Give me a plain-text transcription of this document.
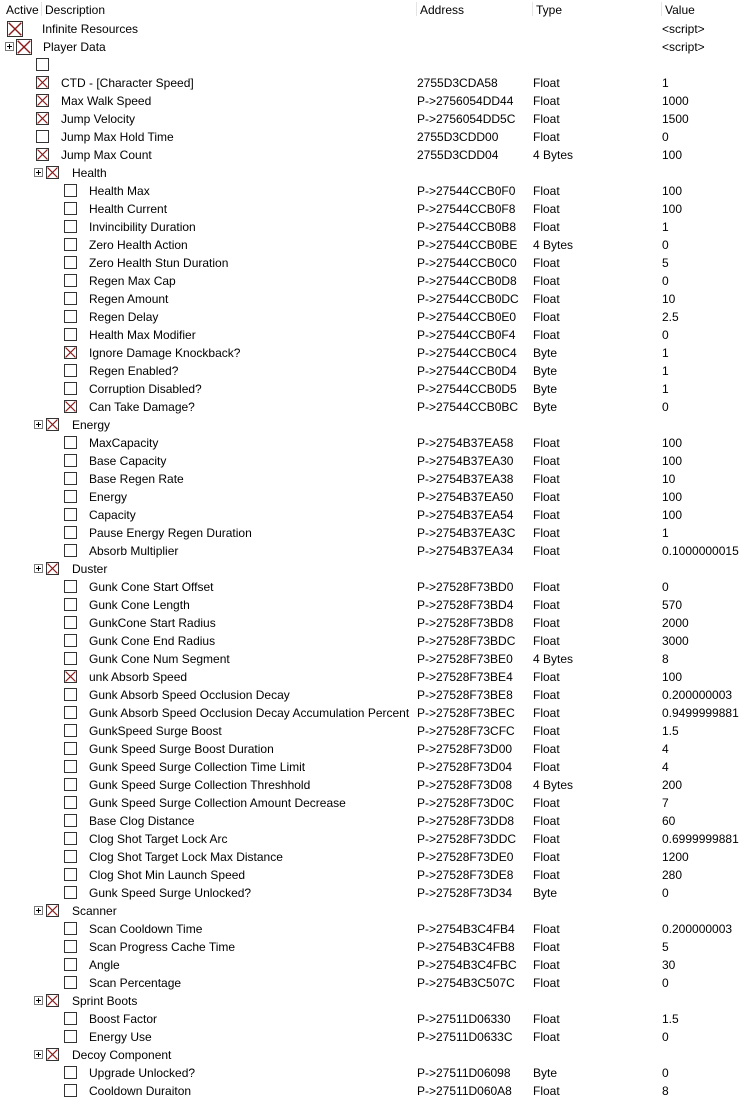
Active Description	Address	Type	Value
Infinite Resources	<script>
Player Data	<script>
CTD - [Character Speed]	2755D3CDA58	Float	1
Max Walk Speed	P->2756054DD44 Float	1000
Jump Velocity	P->2756054DD5C Float	1500
Jump Max Hold Time	2755D3CDD00	Float	0
Jump Max Count	2755D3CDD04	4 Bytes	100
Health
Health Max	P->27544CCB0F0 Float	100
Health Current	P->27544CCB0F8 Float	100
Invincibility Duration	P->27544CCB0B8 Float	1
Zero Health Action	P->27544CCB0BE 4 Bytes	0
Zero Health Stun Duration	P->27544CCB0C0 Float	5
Regen Max Cap	P->27544CCB0D8 Float	0
Regen Amount	P->27544CCB0DC Float	10
Regen Delay	P->27544CCB0E0 Float	2.5
Health Max Modifier	P->27544CCB0F4 Float	0
Ignore Damage Knockback?	P->27544CCB0C4 Byte	1
Regen Enabled?	P->27544CCB0D4 Byte	1
Corruption Disabled?	P->27544CCB0D5 Byte	1
Can Take Damage?	P->27544CCB0BC Byte	0
Energy
MaxCapacity	P->2754B37EA58 Float	100
Base Capacity	P->2754B37EA30 Float	100
Base Regen Rate	P->2754B37EA38 Float	10
Energy	P->2754B37EA50 Float	100
Capacity	P->2754B37EA54 Float	100
Pause Energy Regen Duration	P->2754B37EA3C Float	1
Absorb Multiplier	P->2754B37EA34 Float	0.1000000015
Duster
Gunk Cone Start Offset	P->27528F73BD0 Float	0
Gunk Cone Length	P->27528F73BD4 Float	570
GunkCone Start Radius	P->27528F73BD8 Float	2000
Gunk Cone End Radius	P->27528F73BDC Float	3000
Gunk Cone Num Segment	P->27528F73BE0 4 Bytes	8
unk Absorb Speed	P->27528F73BE4 Float	100
Gunk Absorb Speed Occlusion Decay	P->27528F73BE8 Float	0.200000003
Gunk Absorb Speed Occlusion Decay Accumulation Percent P->27528F73BEC Float	0.9499999881
GunkSpeed Surge Boost	P->27528F73CFC Float	1.5
Gunk Speed Surge Boost Duration	P->27528F73D00 Float	4
Gunk Speed Surge Collection Time Limit	P->27528F73D04 Float	4
Gunk Speed Surge Collection Threshhold	P->27528F73D08 4 Bytes	200
Gunk Speed Surge Collection Amount Decrease	P->27528F73D0C Float	7
Base Clog Distance	P->27528F73DD8 Float	60
Clog Shot Target Lock Arc	P->27528F73DDC Float	0.6999999881
Clog Shot Target Lock Max Distance	P->27528F73DE0 Float	1200
Clog Shot Min Launch Speed	P->27528F73DE8 Float	280
Gunk Speed Surge Unlocked?	P->27528F73D34 Byte	0
Scanner
Scan Cooldown Time	P->2754B3C4FB4 Float	0.200000003
Scan Progress Cache Time	P->2754B3C4FB8 Float	5
Angle	P->2754B3C4FBC Float	30
Scan Percentage	P->2754B3C507C Float	0
Sprint Boots
Boost Factor	P->27511D06330 Float	1.5
Energy Use	P->27511D0633C Float	0
Decoy Component
Upgrade Unlocked?	P->27511D06098 Byte	0
Cooldown Duraiton	P->27511D060A8 Float	8
